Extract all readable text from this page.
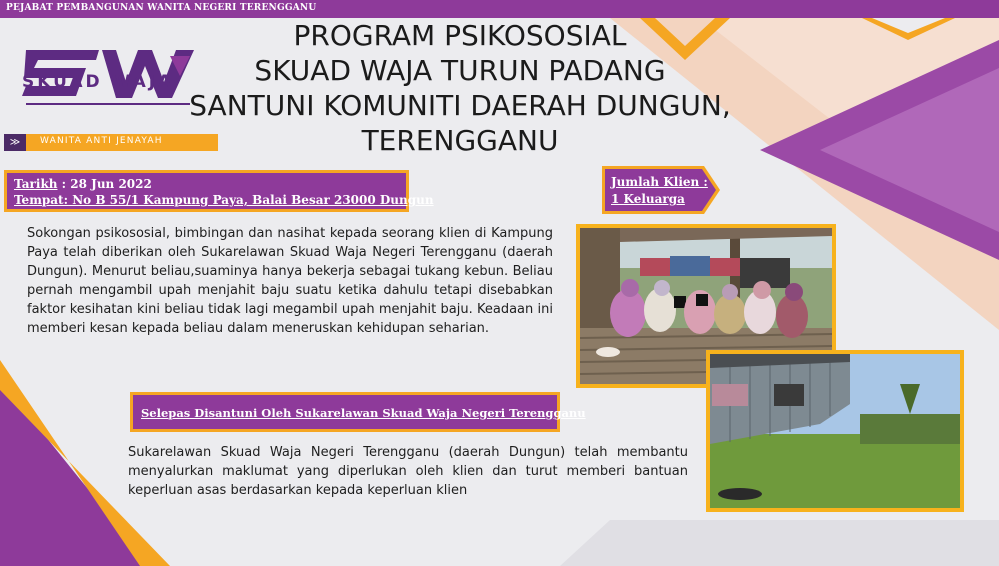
PEJABAT PEMBANGUNAN WANITA NEGERI TERENGGANU
SKUAD WAJA
≫	WANITA ANTI JENAYAH
PROGRAM PSIKOSOSIAL
SKUAD WAJA TURUN PADANG
SANTUNI KOMUNITI DAERAH DUNGUN,
TERENGGANU
Tarikh : 28 Jun 2022
Tempat: No B 55/1 Kampung Paya, Balai Besar 23000 Dungun
Jumlah Klien :
1 Keluarga
Sokongan psikososial, bimbingan dan nasihat kepada seorang klien di Kampung Paya telah diberikan oleh Sukarelawan Skuad Waja Negeri Terengganu (daerah Dungun). Menurut beliau,suaminya hanya bekerja sebagai tukang kebun. Beliau pernah mengambil upah menjahit baju suatu ketika dahulu tetapi disebabkan faktor kesihatan kini beliau tidak lagi megambil upah menjahit baju. Keadaan ini memberi kesan kepada beliau dalam meneruskan kehidupan seharian.
Selepas Disantuni Oleh Sukarelawan Skuad Waja Negeri Terengganu
Sukarelawan Skuad Waja Negeri Terengganu (daerah Dungun) telah membantu menyalurkan maklumat yang diperlukan oleh klien dan turut memberi bantuan keperluan asas berdasarkan kepada keperluan klien
